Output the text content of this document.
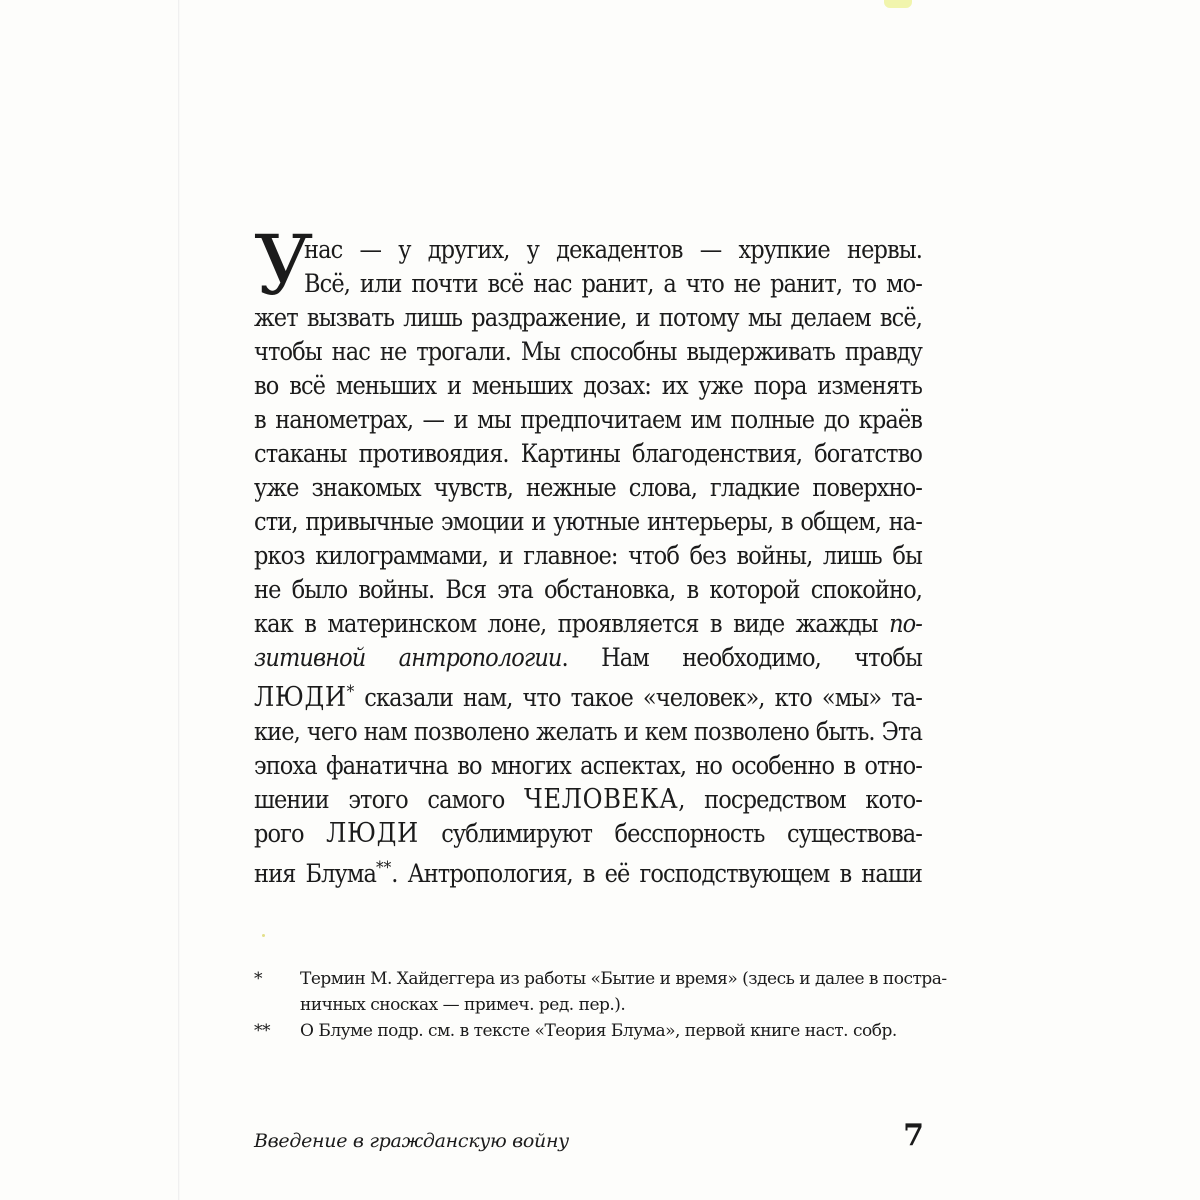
У
нас — у других, у декадентов — хрупкие нервы.
Всё, или почти всё нас ранит, а что не ранит, то мо-
жет вызвать лишь раздражение, и потому мы делаем всё,
чтобы нас не трогали. Мы способны выдерживать правду
во всё меньших и меньших дозах: их уже пора изменять
в нанометрах, — и мы предпочитаем им полные до краёв
стаканы противоядия. Картины благоденствия, богатство
уже знакомых чувств, нежные слова, гладкие поверхно-
сти, привычные эмоции и уютные интерьеры, в общем, на-
ркоз килограммами, и главное: чтоб без войны, лишь бы
не было войны. Вся эта обстановка, в которой спокойно,
как в материнском лоне, проявляется в виде жажды по-
зитивной антропологии. Нам необходимо, чтобы
ЛЮДИ* сказали нам, что такое «человек», кто «мы» та-
кие, чего нам позволено желать и кем позволено быть. Эта
эпоха фанатична во многих аспектах, но особенно в отно-
шении этого самого ЧЕЛОВЕКА, посредством кото-
рого ЛЮДИ сублимируют бесспорность существова-
ния Блума**. Антропология, в её господствующем в наши
* Термин М. Хайдеггера из работы «Бытие и время» (здесь и далее в постра-
ничных сносках — примеч. ред. пер.).
** О Блуме подр. см. в тексте «Теория Блума», первой книге наст. собр.
Введение в гражданскую войну	7
